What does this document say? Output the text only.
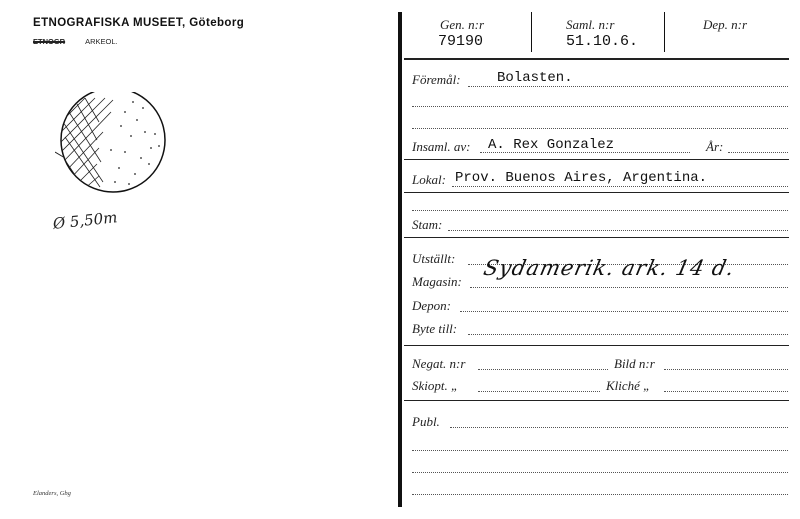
ETNOGRAFISKA MUSEET, Göteborg
ETNOGR	ARKEOL.
Ø 5,50m
Elanders, Gbg
Gen. n:r
79190
Saml. n:r
51.10.6.
Dep. n:r
Föremål:	Bolasten.
Insaml. av: A. Rex Gonzalez	År:
Lokal: Prov. Buenos Aires, Argentina.
Stam:
Utställt:
Magasin:
Sydamerik. ark. 14 d.
Depon:
Byte till:
Negat. n:r	Bild n:r
Skiopt. „	Kliché „
Publ.
